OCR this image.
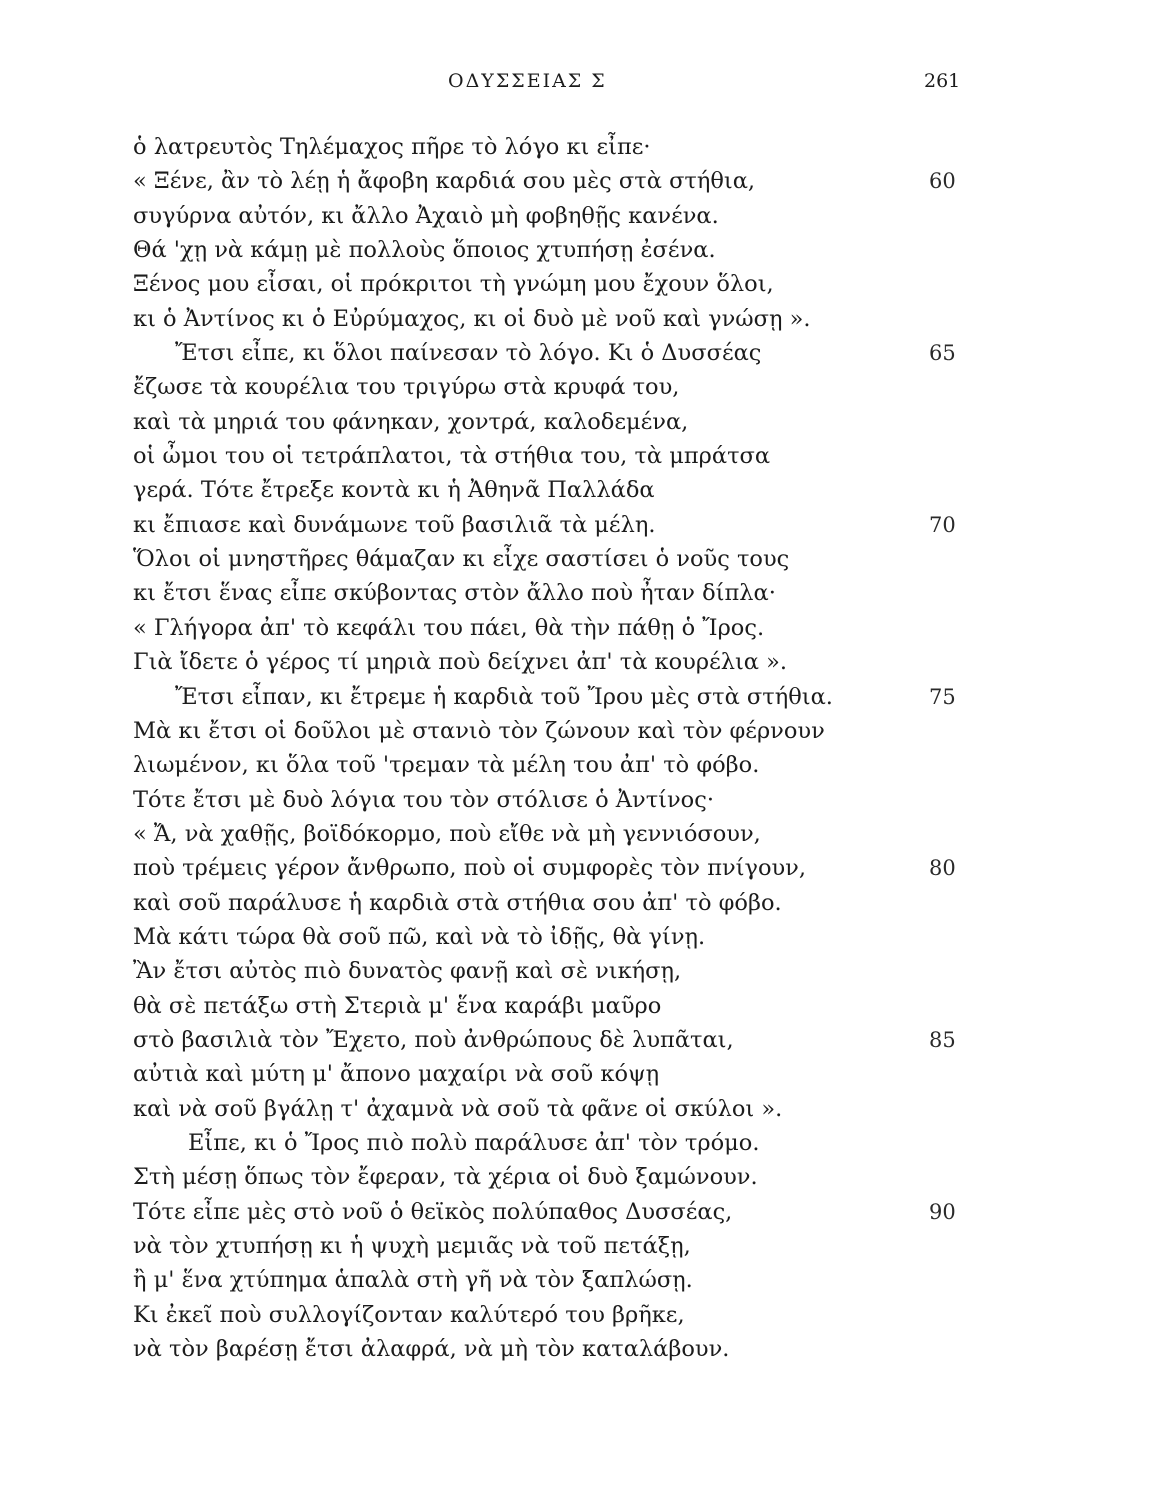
ΟΔΥΣΣΕΙΑΣ Σ	261
ὁ λατρευτὸς Τηλέμαχος πῆρε τὸ λόγο κι εἶπε·
« Ξένε, ἂν τὸ λέῃ ἡ ἄφοβη καρδιά σου μὲς στὰ στήθια,	60
συγύρνα αὐτόν, κι ἄλλο Ἀχαιὸ μὴ φοβηθῇς κανένα.
Θά 'χῃ νὰ κάμῃ μὲ πολλοὺς ὅποιος χτυπήσῃ ἐσένα.
Ξένος μου εἶσαι, οἱ πρόκριτοι τὴ γνώμη μου ἔχουν ὅλοι,
κι ὁ Ἀντίνος κι ὁ Εὐρύμαχος, κι οἱ δυὸ μὲ νοῦ καὶ γνώσῃ ».
Ἔτσι εἶπε, κι ὅλοι παίνεσαν τὸ λόγο. Κι ὁ Δυσσέας	65
ἔζωσε τὰ κουρέλια του τριγύρω στὰ κρυφά του,
καὶ τὰ μηριά του φάνηκαν, χοντρά, καλοδεμένα,
οἱ ὦμοι του οἱ τετράπλατοι, τὰ στήθια του, τὰ μπράτσα
γερά. Τότε ἔτρεξε κοντὰ κι ἡ Ἀθηνᾶ Παλλάδα
κι ἔπιασε καὶ δυνάμωνε τοῦ βασιλιᾶ τὰ μέλη.	70
Ὅλοι οἱ μνηστῆρες θάμαζαν κι εἶχε σαστίσει ὁ νοῦς τους
κι ἔτσι ἕνας εἶπε σκύβοντας στὸν ἄλλο ποὺ ἦταν δίπλα·
« Γλήγορα ἀπ' τὸ κεφάλι του πάει, θὰ τὴν πάθῃ ὁ Ἴρος.
Γιὰ ἴδετε ὁ γέρος τί μηριὰ ποὺ δείχνει ἀπ' τὰ κουρέλια ».
Ἔτσι εἶπαν, κι ἔτρεμε ἡ καρδιὰ τοῦ Ἴρου μὲς στὰ στήθια.	75
Μὰ κι ἔτσι οἱ δοῦλοι μὲ στανιὸ τὸν ζώνουν καὶ τὸν φέρνουν
λιωμένον, κι ὅλα τοῦ 'τρεμαν τὰ μέλη του ἀπ' τὸ φόβο.
Τότε ἔτσι μὲ δυὸ λόγια του τὸν στόλισε ὁ Ἀντίνος·
« Ἄ, νὰ χαθῇς, βοϊδόκορμο, ποὺ εἴθε νὰ μὴ γεννιόσουν,
ποὺ τρέμεις γέρον ἄνθρωπο, ποὺ οἱ συμφορὲς τὸν πνίγουν,	80
καὶ σοῦ παράλυσε ἡ καρδιὰ στὰ στήθια σου ἀπ' τὸ φόβο.
Μὰ κάτι τώρα θὰ σοῦ πῶ, καὶ νὰ τὸ ἰδῇς, θὰ γίνῃ.
Ἂν ἔτσι αὐτὸς πιὸ δυνατὸς φανῇ καὶ σὲ νικήσῃ,
θὰ σὲ πετάξω στὴ Στεριὰ μ' ἕνα καράβι μαῦρο
στὸ βασιλιὰ τὸν Ἔχετο, ποὺ ἀνθρώπους δὲ λυπᾶται,	85
αὐτιὰ καὶ μύτη μ' ἄπονο μαχαίρι νὰ σοῦ κόψῃ
καὶ νὰ σοῦ βγάλῃ τ' ἀχαμνὰ νὰ σοῦ τὰ φᾶνε οἱ σκύλοι ».
Εἶπε, κι ὁ Ἴρος πιὸ πολὺ παράλυσε ἀπ' τὸν τρόμο.
Στὴ μέσῃ ὅπως τὸν ἔφεραν, τὰ χέρια οἱ δυὸ ξαμώνουν.
Τότε εἶπε μὲς στὸ νοῦ ὁ θεϊκὸς πολύπαθος Δυσσέας,	90
νὰ τὸν χτυπήσῃ κι ἡ ψυχὴ μεμιᾶς νὰ τοῦ πετάξῃ,
ἢ μ' ἕνα χτύπημα ἁπαλὰ στὴ γῆ νὰ τὸν ξαπλώσῃ.
Κι ἐκεῖ ποὺ συλλογίζονταν καλύτερό του βρῆκε,
νὰ τὸν βαρέσῃ ἔτσι ἀλαφρά, νὰ μὴ τὸν καταλάβουν.
